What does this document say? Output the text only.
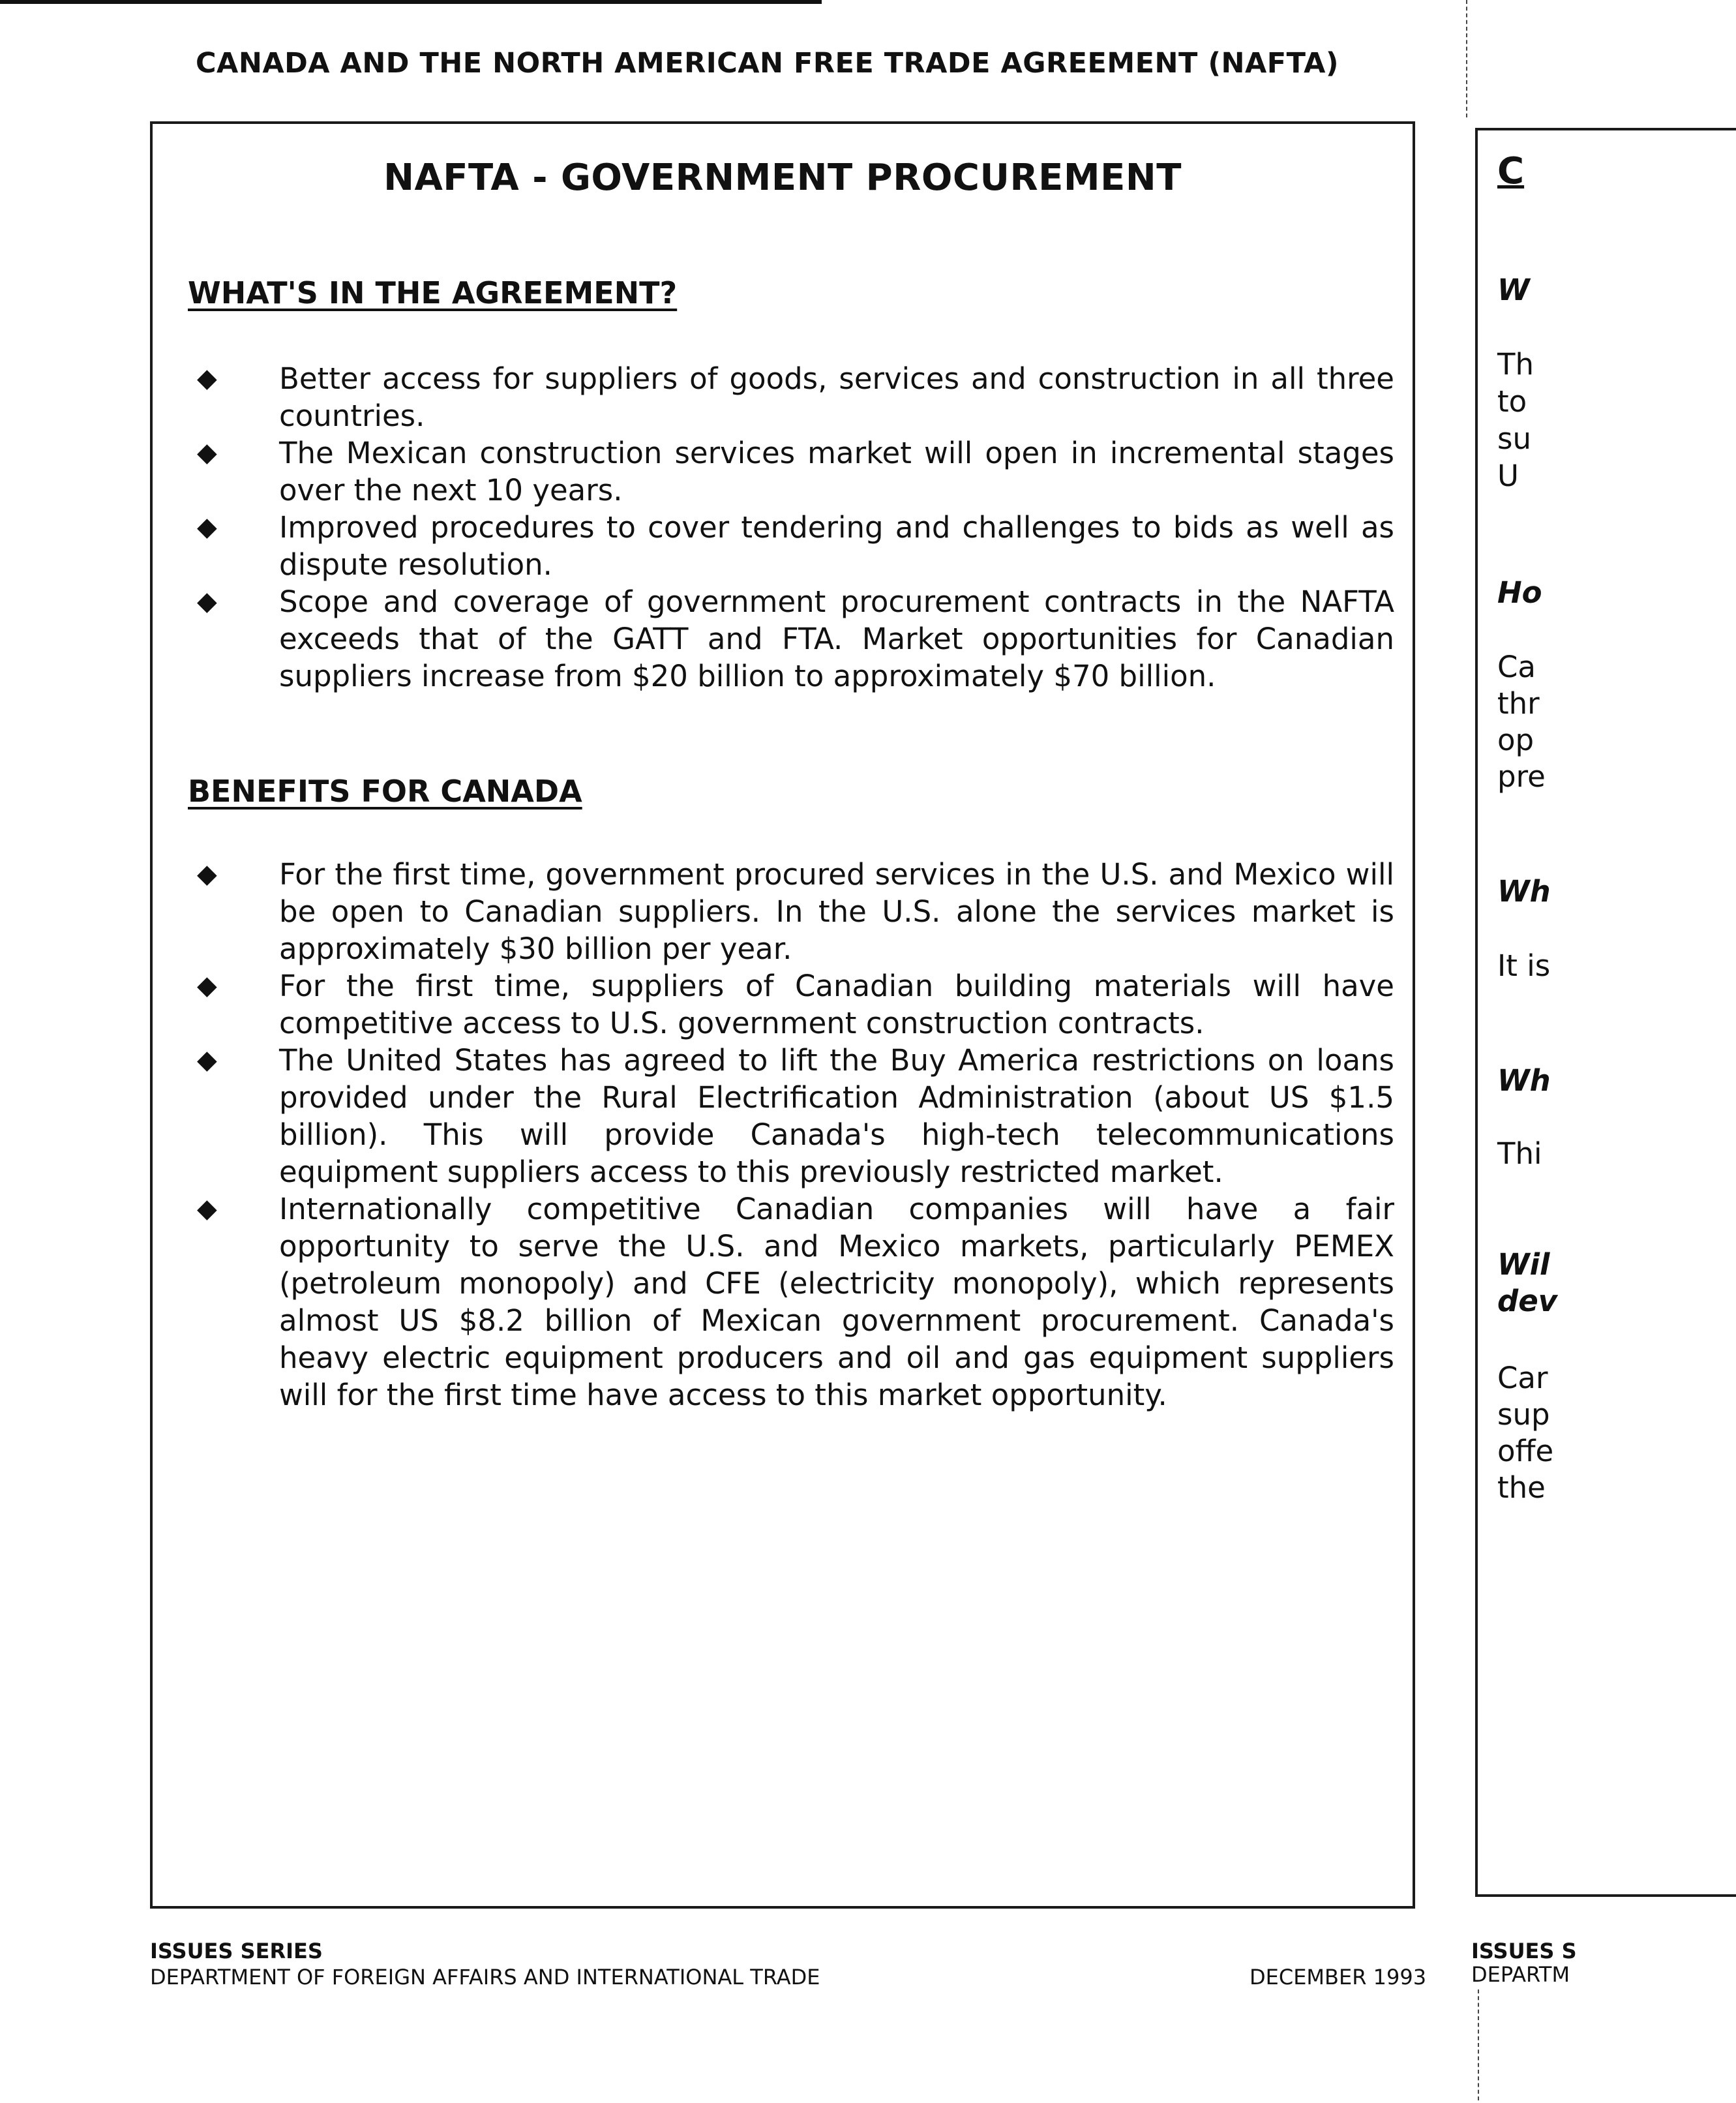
CANADA AND THE NORTH AMERICAN FREE TRADE AGREEMENT (NAFTA)
NAFTA - GOVERNMENT PROCUREMENT
WHAT'S IN THE AGREEMENT?
◆ Better access for suppliers of goods, services and construction in all three countries.
◆ The Mexican construction services market will open in incremental stages over the next 10 years.
◆ Improved procedures to cover tendering and challenges to bids as well as dispute resolution.
◆ Scope and coverage of government procurement contracts in the NAFTA exceeds that of the GATT and FTA. Market opportunities for Canadian suppliers increase from $20 billion to approximately $70 billion.
BENEFITS FOR CANADA
◆ For the first time, government procured services in the U.S. and Mexico will be open to Canadian suppliers. In the U.S. alone the services market is approximately $30 billion per year.
◆ For the first time, suppliers of Canadian building materials will have competitive access to U.S. government construction contracts.
◆ The United States has agreed to lift the Buy America restrictions on loans provided under the Rural Electrification Administration (about US $1.5 billion). This will provide Canada's high-tech telecommunications equipment suppliers access to this previously restricted market.
◆ Internationally competitive Canadian companies will have a fair opportunity to serve the U.S. and Mexico markets, particularly PEMEX (petroleum monopoly) and CFE (electricity monopoly), which represents almost US $8.2 billion of Mexican government procurement. Canada's heavy electric equipment producers and oil and gas equipment suppliers will for the first time have access to this market opportunity.
ISSUES SERIES
DEPARTMENT OF FOREIGN AFFAIRS AND INTERNATIONAL TRADE	DECEMBER 1993
C
W
Th
to
su
U
Ho
Ca
thr
op
pre
Wh
It is
Wh
Thi
Wil
dev
Car
sup
offe
the
ISSUES S
DEPARTM
